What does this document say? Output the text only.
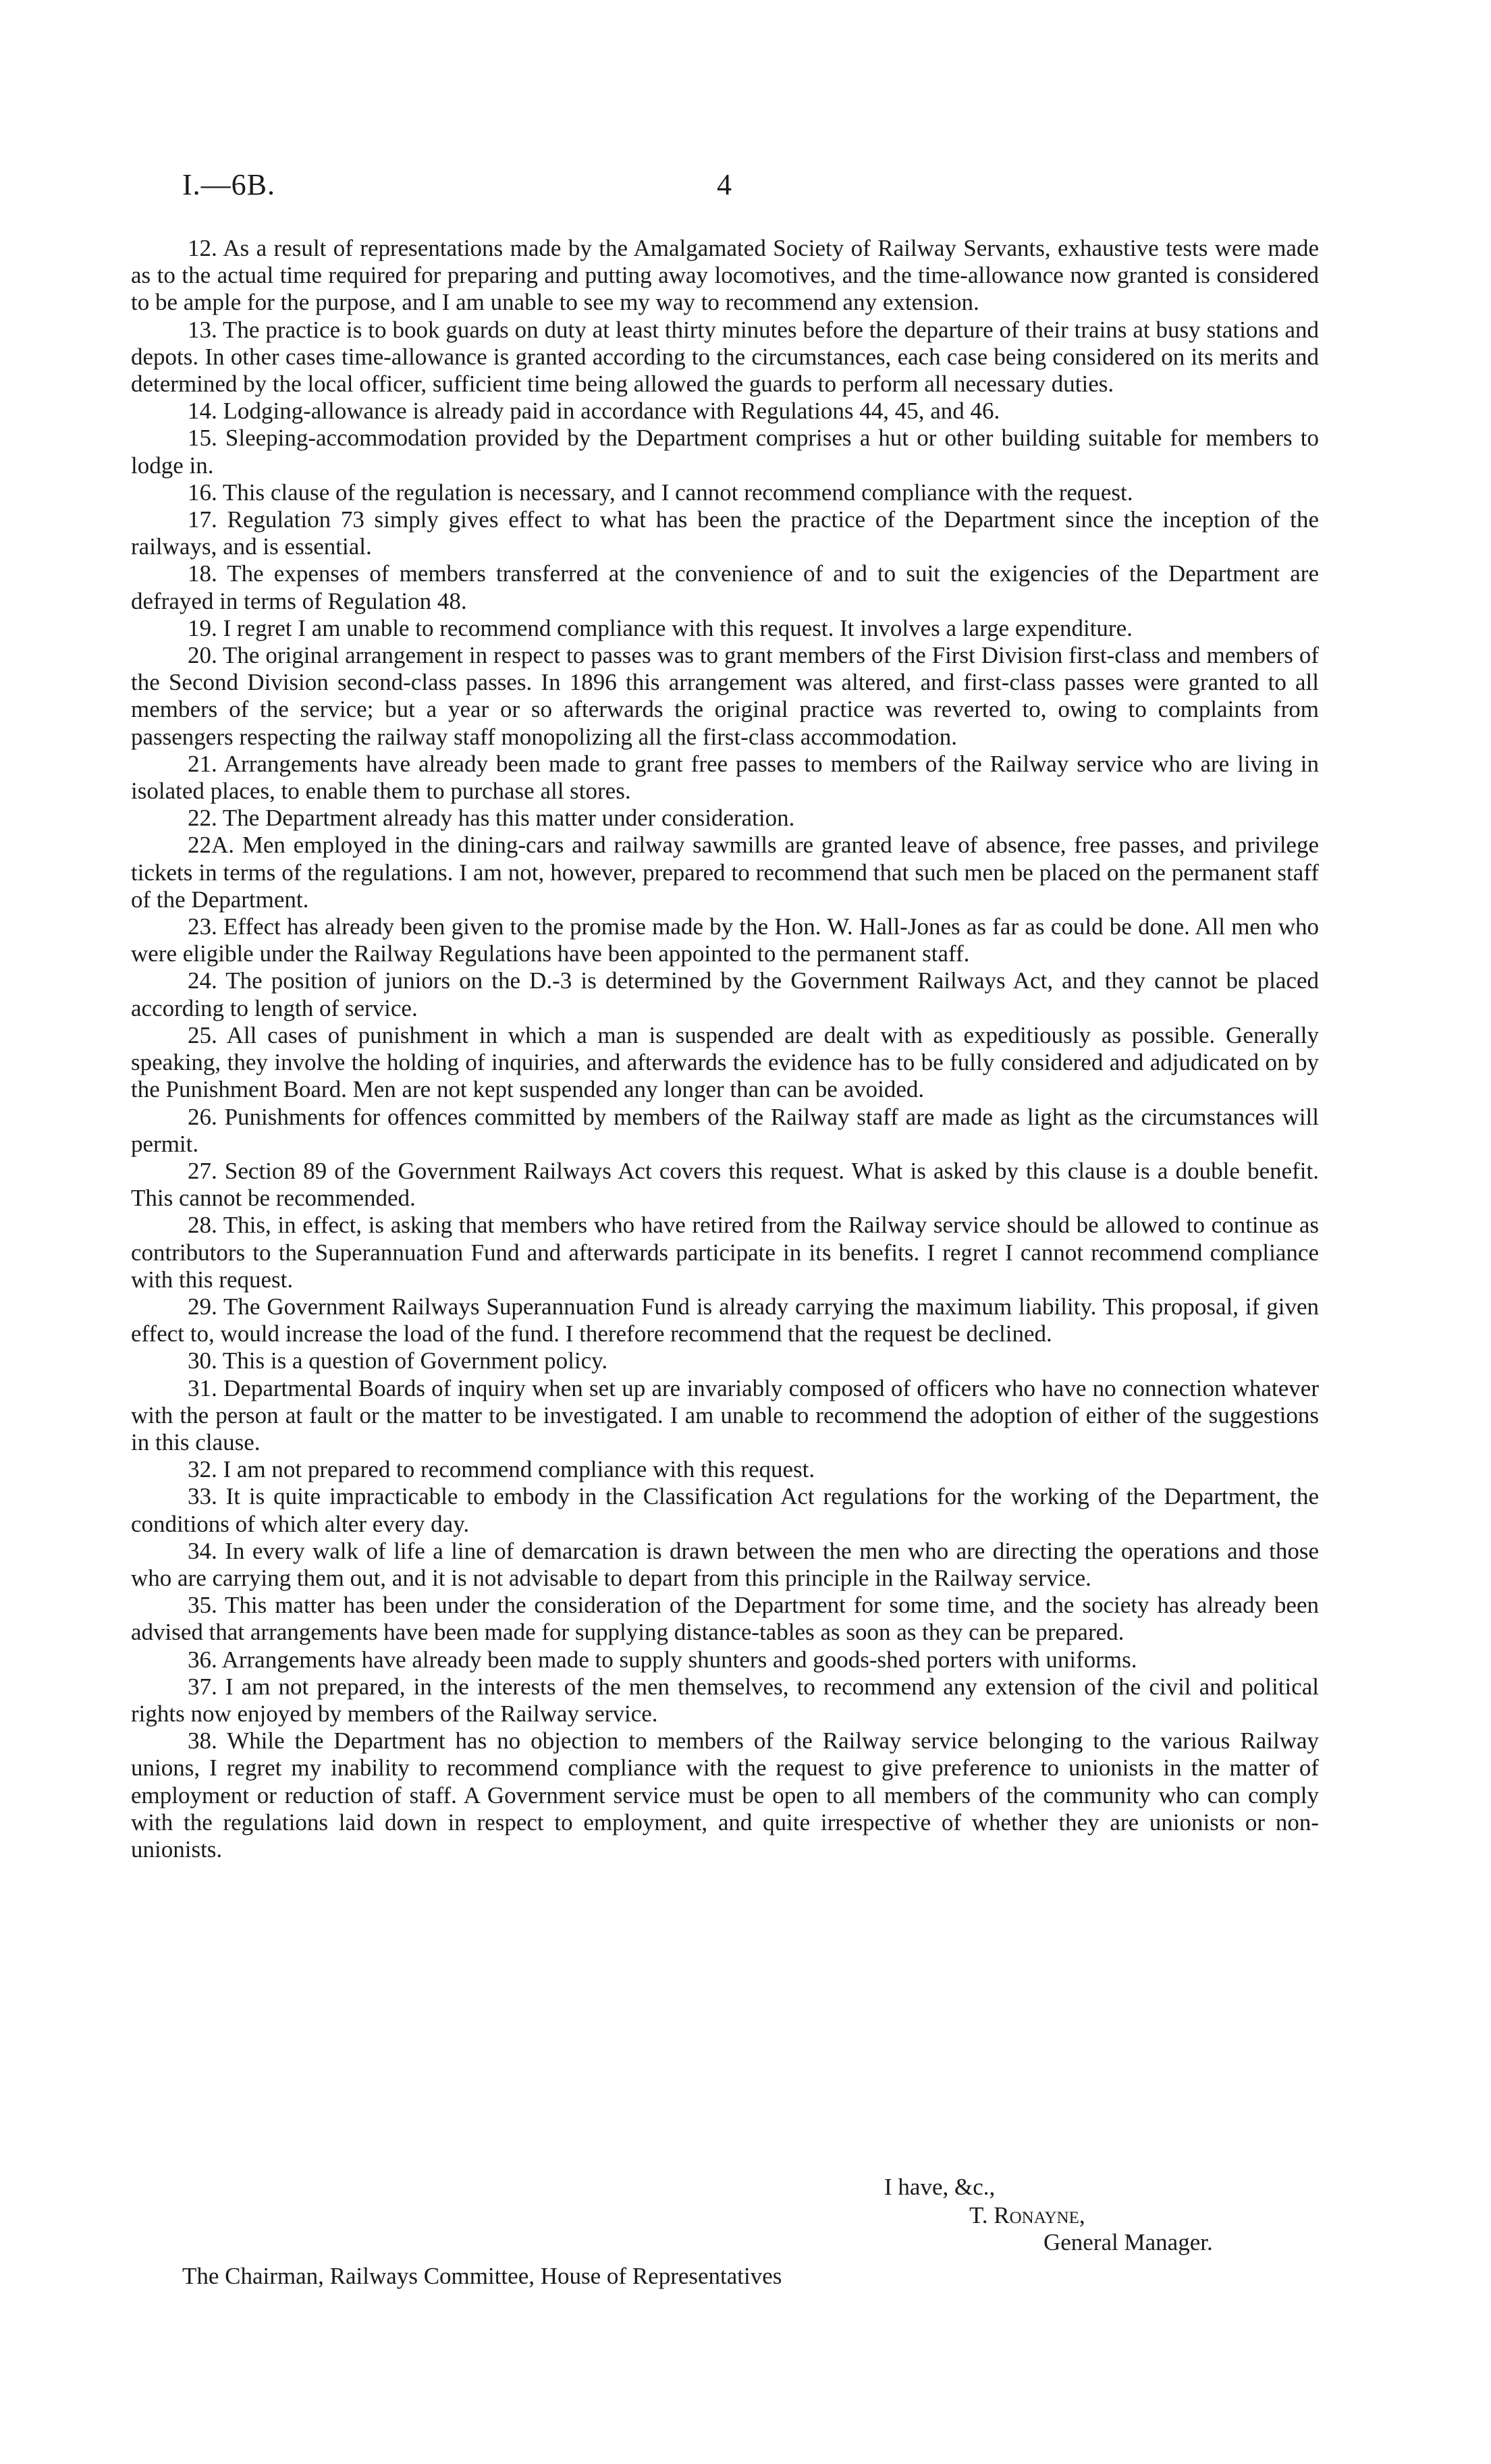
I.—6B.	4

12. As a result of representations made by the Amalgamated Society of Railway Servants, exhaustive tests were made as to the actual time required for preparing and putting away locomotives, and the time-allowance now granted is considered to be ample for the purpose, and I am unable to see my way to recommend any extension.

13. The practice is to book guards on duty at least thirty minutes before the departure of their trains at busy stations and depots. In other cases time-allowance is granted according to the circumstances, each case being considered on its merits and determined by the local officer, sufficient time being allowed the guards to perform all necessary duties.

14. Lodging-allowance is already paid in accordance with Regulations 44, 45, and 46.

15. Sleeping-accommodation provided by the Department comprises a hut or other building suitable for members to lodge in.

16. This clause of the regulation is necessary, and I cannot recommend compliance with the request.

17. Regulation 73 simply gives effect to what has been the practice of the Department since the inception of the railways, and is essential.

18. The expenses of members transferred at the convenience of and to suit the exigencies of the Department are defrayed in terms of Regulation 48.

19. I regret I am unable to recommend compliance with this request. It involves a large expenditure.

20. The original arrangement in respect to passes was to grant members of the First Division first-class and members of the Second Division second-class passes. In 1896 this arrangement was altered, and first-class passes were granted to all members of the service; but a year or so afterwards the original practice was reverted to, owing to complaints from passengers respecting the railway staff monopolizing all the first-class accommodation.

21. Arrangements have already been made to grant free passes to members of the Railway service who are living in isolated places, to enable them to purchase all stores.

22. The Department already has this matter under consideration.

22A. Men employed in the dining-cars and railway sawmills are granted leave of absence, free passes, and privilege tickets in terms of the regulations. I am not, however, prepared to recommend that such men be placed on the permanent staff of the Department.

23. Effect has already been given to the promise made by the Hon. W. Hall-Jones as far as could be done. All men who were eligible under the Railway Regulations have been appointed to the permanent staff.

24. The position of juniors on the D.-3 is determined by the Government Railways Act, and they cannot be placed according to length of service.

25. All cases of punishment in which a man is suspended are dealt with as expeditiously as possible. Generally speaking, they involve the holding of inquiries, and afterwards the evidence has to be fully considered and adjudicated on by the Punishment Board. Men are not kept suspended any longer than can be avoided.

26. Punishments for offences committed by members of the Railway staff are made as light as the circumstances will permit.

27. Section 89 of the Government Railways Act covers this request. What is asked by this clause is a double benefit. This cannot be recommended.

28. This, in effect, is asking that members who have retired from the Railway service should be allowed to continue as contributors to the Superannuation Fund and afterwards participate in its benefits. I regret I cannot recommend compliance with this request.

29. The Government Railways Superannuation Fund is already carrying the maximum liability. This proposal, if given effect to, would increase the load of the fund. I therefore recommend that the request be declined.

30. This is a question of Government policy.

31. Departmental Boards of inquiry when set up are invariably composed of officers who have no connection whatever with the person at fault or the matter to be investigated. I am unable to recommend the adoption of either of the suggestions in this clause.

32. I am not prepared to recommend compliance with this request.

33. It is quite impracticable to embody in the Classification Act regulations for the working of the Department, the conditions of which alter every day.

34. In every walk of life a line of demarcation is drawn between the men who are directing the operations and those who are carrying them out, and it is not advisable to depart from this principle in the Railway service.

35. This matter has been under the consideration of the Department for some time, and the society has already been advised that arrangements have been made for supplying distance-tables as soon as they can be prepared.

36. Arrangements have already been made to supply shunters and goods-shed porters with uniforms.

37. I am not prepared, in the interests of the men themselves, to recommend any extension of the civil and political rights now enjoyed by members of the Railway service.

38. While the Department has no objection to members of the Railway service belonging to the various Railway unions, I regret my inability to recommend compliance with the request to give preference to unionists in the matter of employment or reduction of staff. A Government service must be open to all members of the community who can comply with the regulations laid down in respect to employment, and quite irrespective of whether they are unionists or non-unionists.

I have, &c.,
T. Ronayne,
General Manager.
The Chairman, Railways Committee, House of Representatives
